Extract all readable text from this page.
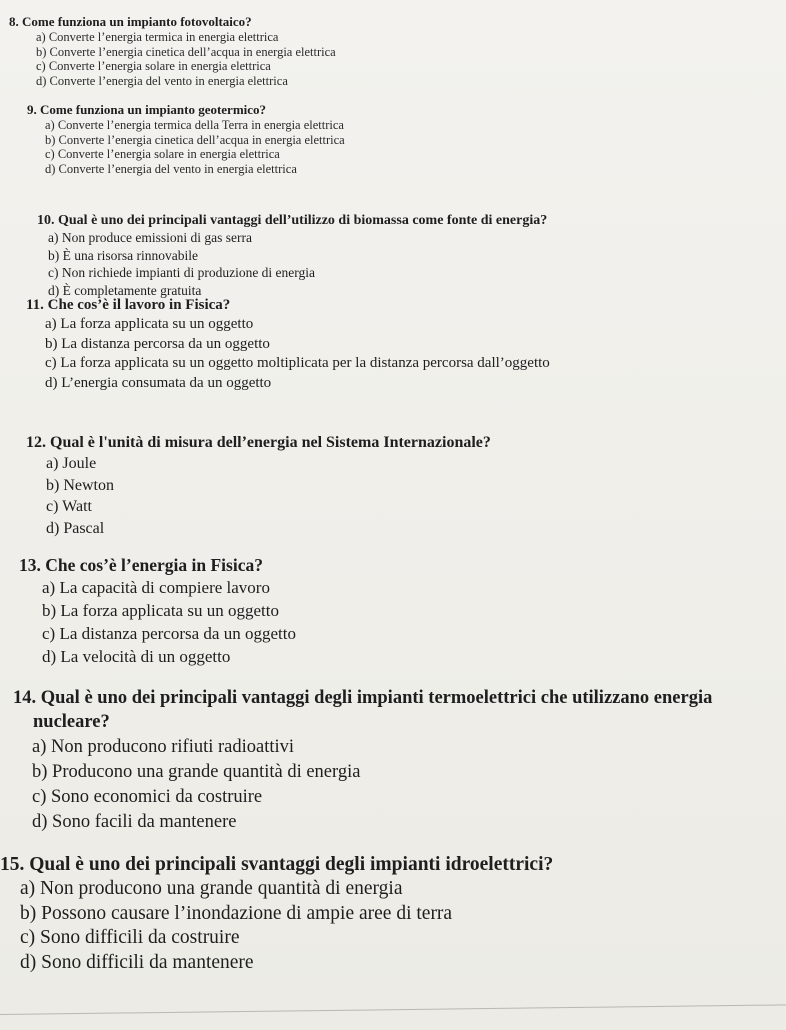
8. Come funziona un impianto fotovoltaico?
a) Converte l’energia termica in energia elettrica
b) Converte l’energia cinetica dell’acqua in energia elettrica
c) Converte l’energia solare in energia elettrica
d) Converte l’energia del vento in energia elettrica
9. Come funziona un impianto geotermico?
a) Converte l’energia termica della Terra in energia elettrica
b) Converte l’energia cinetica dell’acqua in energia elettrica
c) Converte l’energia solare in energia elettrica
d) Converte l’energia del vento in energia elettrica
10. Qual è uno dei principali vantaggi dell’utilizzo di biomassa come fonte di energia?
a) Non produce emissioni di gas serra
b) È una risorsa rinnovabile
c) Non richiede impianti di produzione di energia
d) È completamente gratuita
11. Che cos’è il lavoro in Fisica?
a) La forza applicata su un oggetto
b) La distanza percorsa da un oggetto
c) La forza applicata su un oggetto moltiplicata per la distanza percorsa dall’oggetto
d) L’energia consumata da un oggetto
12. Qual è l'unità di misura dell’energia nel Sistema Internazionale?
a) Joule
b) Newton
c) Watt
d) Pascal
13. Che cos’è l’energia in Fisica?
a) La capacità di compiere lavoro
b) La forza applicata su un oggetto
c) La distanza percorsa da un oggetto
d) La velocità di un oggetto
14. Qual è uno dei principali vantaggi degli impianti termoelettrici che utilizzano energia
nucleare?
a) Non producono rifiuti radioattivi
b) Producono una grande quantità di energia
c) Sono economici da costruire
d) Sono facili da mantenere
15. Qual è uno dei principali svantaggi degli impianti idroelettrici?
a) Non producono una grande quantità di energia
b) Possono causare l’inondazione di ampie aree di terra
c) Sono difficili da costruire
d) Sono difficili da mantenere
